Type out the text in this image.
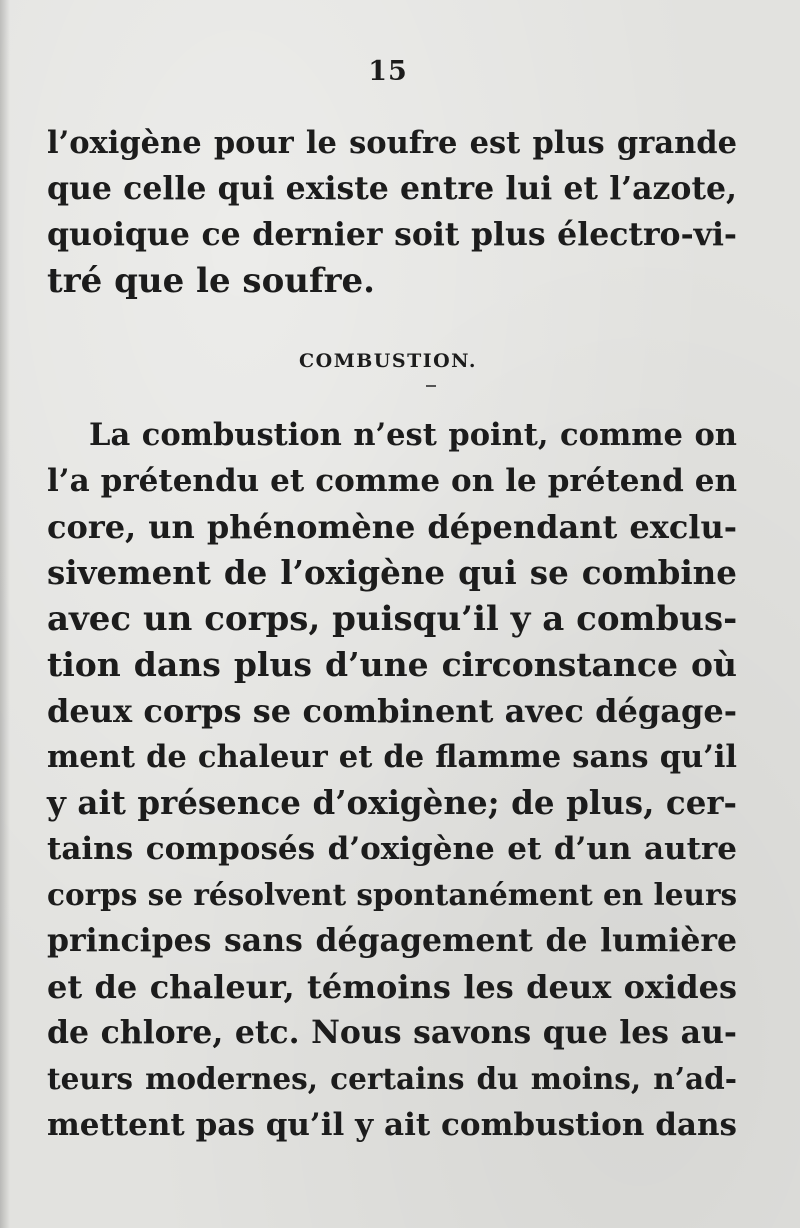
15
l’oxigène pour le soufre est plus grande
que celle qui existe entre lui et l’azote,
quoique ce dernier soit plus électro-vi-
tré que le soufre.
COMBUSTION.
La combustion n’est point, comme on
l’a prétendu et comme on le prétend en
core, un phénomène dépendant exclu-
sivement de l’oxigène qui se combine
avec un corps, puisqu’il y a combus-
tion dans plus d’une circonstance où
deux corps se combinent avec dégage-
ment de chaleur et de flamme sans qu’il
y ait présence d’oxigène; de plus, cer-
tains composés d’oxigène et d’un autre
corps se résolvent spontanément en leurs
principes sans dégagement de lumière
et de chaleur, témoins les deux oxides
de chlore, etc. Nous savons que les au-
teurs modernes, certains du moins, n’ad-
mettent pas qu’il y ait combustion dans
